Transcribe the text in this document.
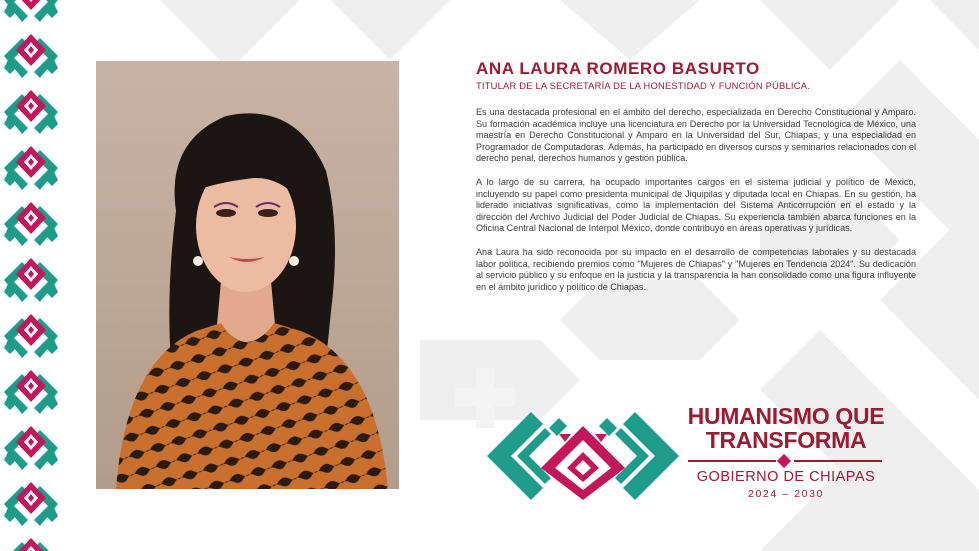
ANA LAURA ROMERO BASURTO
TITULAR DE LA SECRETARÍA DE LA HONESTIDAD Y FUNCIÓN PÚBLICA.

Es una destacada profesional en el ámbito del derecho, especializada en Derecho Constitucional y Amparo. Su formación académica incluye una licenciatura en Derecho por la Universidad Tecnológica de México, una maestría en Derecho Constitucional y Amparo en la Universidad del Sur, Chiapas, y una especialidad en Programador de Computadoras. Además, ha participado en diversos cursos y seminarios relacionados con el derecho penal, derechos humanos y gestión pública.

A lo largo de su carrera, ha ocupado importantes cargos en el sistema judicial y político de México, incluyendo su papel como presidenta municipal de Jiquipilas y diputada local en Chiapas. En su gestión, ha liderado iniciativas significativas, como la implementación del Sistema Anticorrupción en el estado y la dirección del Archivo Judicial del Poder Judicial de Chiapas. Su experiencia también abarca funciones en la Oficina Central Nacional de Interpol México, donde contribuyó en áreas operativas y jurídicas.

Ana Laura ha sido reconocida por su impacto en el desarrollo de competencias laborales y su destacada labor política, recibiendo premios como "Mujeres de Chiapas" y "Mujeres en Tendencia 2024". Su dedicación al servicio público y su enfoque en la justicia y la transparencia la han consolidado como una figura influyente en el ámbito jurídico y político de Chiapas.

HUMANISMO QUE
TRANSFORMA
GOBIERNO DE CHIAPAS
2024 – 2030
